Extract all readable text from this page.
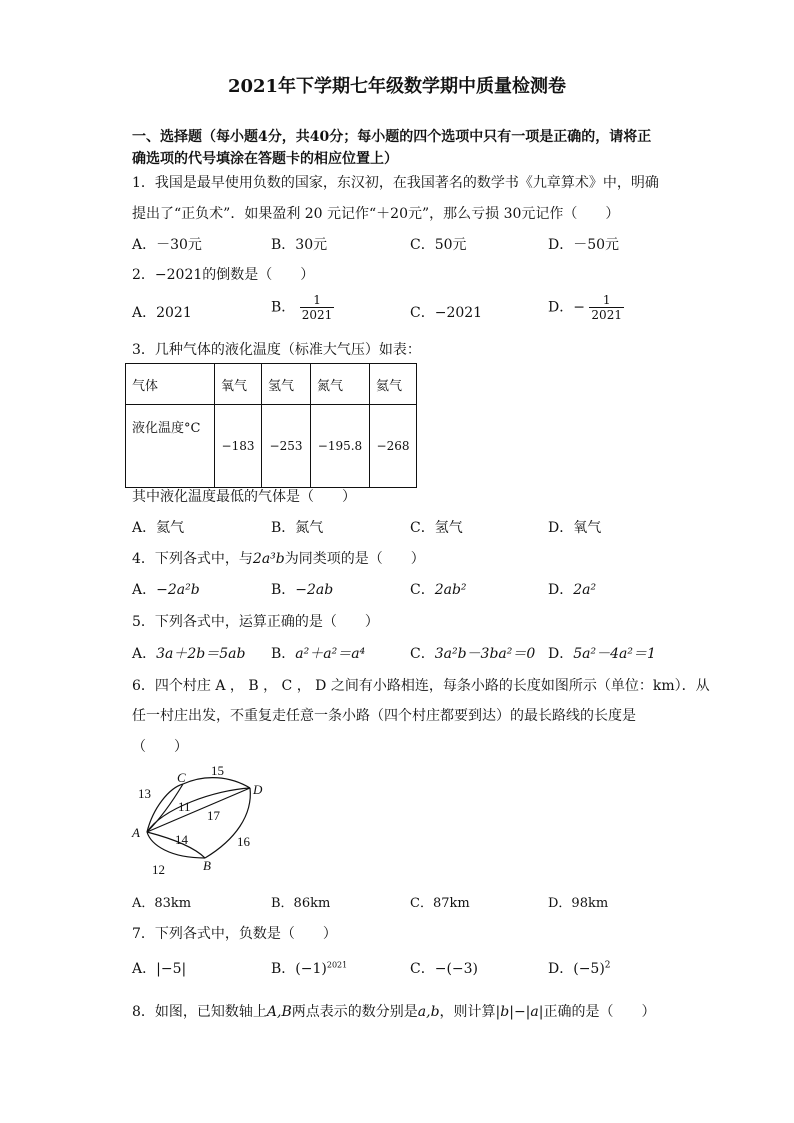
2021年下学期七年级数学期中质量检测卷
一、选择题（每小题4分，共40分；每小题的四个选项中只有一项是正确的，请将正
确选项的代号填涂在答题卡的相应位置上）
1．我国是最早使用负数的国家，东汉初，在我国著名的数学书《九章算术》中，明确
提出了“正负术”．如果盈利 20 元记作“＋20元”，那么亏损 30元记作（　　）
A．－30元	B．30元	C．50元	D．－50元
2．−2021的倒数是（　　）
A．2021	B． $\frac{1}{2021}$	C．−2021	D．− $\frac{1}{2021}$
3．几种气体的液化温度（标准大气压）如表：
气体	氧气	氢气	氮气	氦气
液化温度°C	−183	−253	−195.8	−268
其中液化温度最低的气体是（　　）
A．氦气	B．氮气	C．氢气	D．氧气
4．下列各式中，与2a³b为同类项的是（　　）
A．−2a²b	B．−2ab	C．2ab²	D．2a²
5．下列各式中，运算正确的是（　　）
A．3a＋2b＝5ab B．a²＋a²＝a⁴	C．3a²b－3ba²＝0 D．5a²－4a²＝1
6．四个村庄 A ， B ， C ， D 之间有小路相连，每条小路的长度如图所示（单位：km）．从
任一村庄出发，不重复走任意一条小路（四个村庄都要到达）的最长路线的长度是
（　　）
A
B
C
D
13
15
11
17
14	16
12
A．83km	B．86km	C．87km	D．98km
7．下列各式中，负数是（　　）
A．|−5|	B．$(-1)^{2021}$	C．−(−3)	D．$(-5)^2$
8．如图，已知数轴上A,B两点表示的数分别是a,b，则计算|b|−|a|正确的是（　　）
